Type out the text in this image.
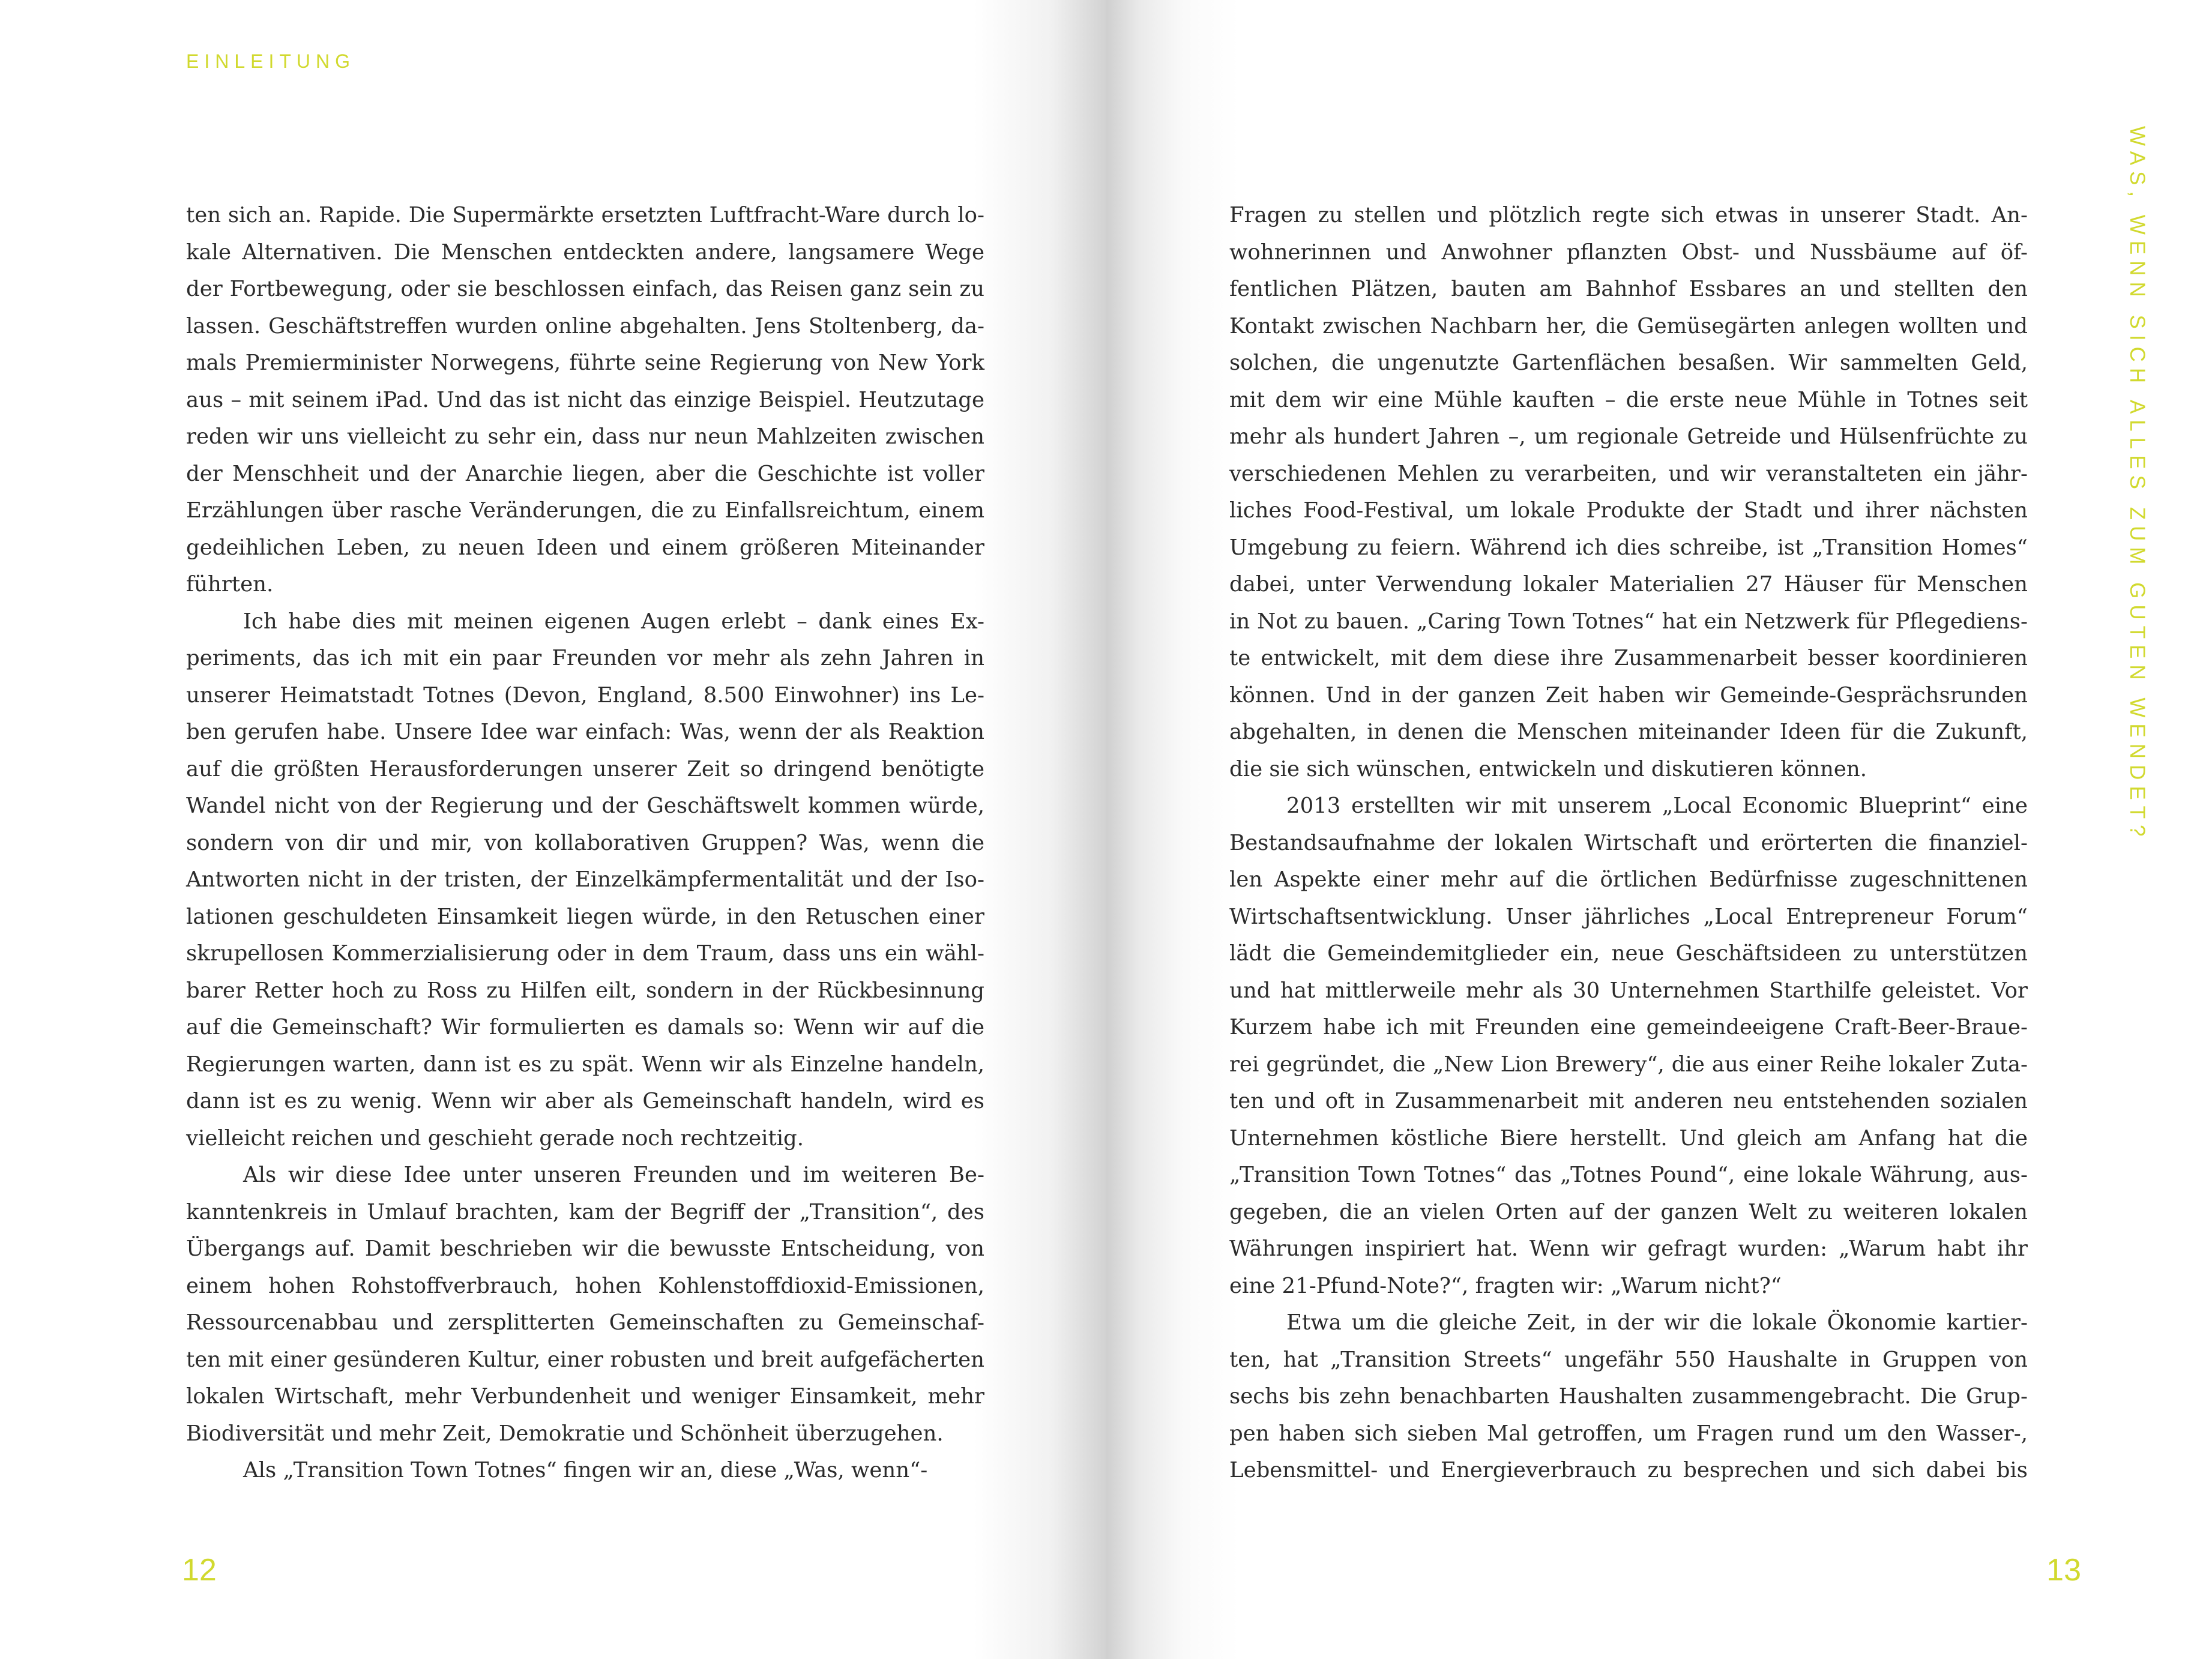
EINLEITUNG
ten sich an. Rapide. Die Supermärkte ersetzten Luftfracht-Ware durch lo-
kale Alternativen. Die Menschen entdeckten andere, langsamere Wege
der Fortbewegung, oder sie beschlossen einfach, das Reisen ganz sein zu
lassen. Geschäftstreffen wurden online abgehalten. Jens Stoltenberg, da-
mals Premierminister Norwegens, führte seine Regierung von New York
aus – mit seinem iPad. Und das ist nicht das einzige Beispiel. Heutzutage
reden wir uns vielleicht zu sehr ein, dass nur neun Mahlzeiten zwischen
der Menschheit und der Anarchie liegen, aber die Geschichte ist voller
Erzählungen über rasche Veränderungen, die zu Einfallsreichtum, einem
gedeihlichen Leben, zu neuen Ideen und einem größeren Miteinander
führten.
Ich habe dies mit meinen eigenen Augen erlebt – dank eines Ex-
periments, das ich mit ein paar Freunden vor mehr als zehn Jahren in
unserer Heimatstadt Totnes (Devon, England, 8.500 Einwohner) ins Le-
ben gerufen habe. Unsere Idee war einfach: Was, wenn der als Reaktion
auf die größten Herausforderungen unserer Zeit so dringend benötigte
Wandel nicht von der Regierung und der Geschäftswelt kommen würde,
sondern von dir und mir, von kollaborativen Gruppen? Was, wenn die
Antworten nicht in der tristen, der Einzelkämpfermentalität und der Iso-
lationen geschuldeten Einsamkeit liegen würde, in den Retuschen einer
skrupellosen Kommerzialisierung oder in dem Traum, dass uns ein wähl-
barer Retter hoch zu Ross zu Hilfen eilt, sondern in der Rückbesinnung
auf die Gemeinschaft? Wir formulierten es damals so: Wenn wir auf die
Regierungen warten, dann ist es zu spät. Wenn wir als Einzelne handeln,
dann ist es zu wenig. Wenn wir aber als Gemeinschaft handeln, wird es
vielleicht reichen und geschieht gerade noch rechtzeitig.
Als wir diese Idee unter unseren Freunden und im weiteren Be-
kanntenkreis in Umlauf brachten, kam der Begriff der „Transition“, des
Übergangs auf. Damit beschrieben wir die bewusste Entscheidung, von
einem hohen Rohstoffverbrauch, hohen Kohlenstoffdioxid-Emissionen,
Ressourcenabbau und zersplitterten Gemeinschaften zu Gemeinschaf-
ten mit einer gesünderen Kultur, einer robusten und breit aufgefächerten
lokalen Wirtschaft, mehr Verbundenheit und weniger Einsamkeit, mehr
Biodiversität und mehr Zeit, Demokratie und Schönheit überzugehen.
Als „Transition Town Totnes“ fingen wir an, diese „Was, wenn“-
12
Fragen zu stellen und plötzlich regte sich etwas in unserer Stadt. An-
wohnerinnen und Anwohner pflanzten Obst- und Nussbäume auf öf-
fentlichen Plätzen, bauten am Bahnhof Essbares an und stellten den
Kontakt zwischen Nachbarn her, die Gemüsegärten anlegen wollten und
solchen, die ungenutzte Gartenflächen besaßen. Wir sammelten Geld,
mit dem wir eine Mühle kauften – die erste neue Mühle in Totnes seit
mehr als hundert Jahren –, um regionale Getreide und Hülsenfrüchte zu
verschiedenen Mehlen zu verarbeiten, und wir veranstalteten ein jähr-
liches Food-Festival, um lokale Produkte der Stadt und ihrer nächsten
Umgebung zu feiern. Während ich dies schreibe, ist „Transition Homes“
dabei, unter Verwendung lokaler Materialien 27 Häuser für Menschen
in Not zu bauen. „Caring Town Totnes“ hat ein Netzwerk für Pflegediens-
te entwickelt, mit dem diese ihre Zusammenarbeit besser koordinieren
können. Und in der ganzen Zeit haben wir Gemeinde-Gesprächsrunden
abgehalten, in denen die Menschen miteinander Ideen für die Zukunft,
die sie sich wünschen, entwickeln und diskutieren können.
2013 erstellten wir mit unserem „Local Economic Blueprint“ eine
Bestandsaufnahme der lokalen Wirtschaft und erörterten die finanziel-
len Aspekte einer mehr auf die örtlichen Bedürfnisse zugeschnittenen
Wirtschaftsentwicklung. Unser jährliches „Local Entrepreneur Forum“
lädt die Gemeindemitglieder ein, neue Geschäftsideen zu unterstützen
und hat mittlerweile mehr als 30 Unternehmen Starthilfe geleistet. Vor
Kurzem habe ich mit Freunden eine gemeindeeigene Craft-Beer-Braue-
rei gegründet, die „New Lion Brewery“, die aus einer Reihe lokaler Zuta-
ten und oft in Zusammenarbeit mit anderen neu entstehenden sozialen
Unternehmen köstliche Biere herstellt. Und gleich am Anfang hat die
„Transition Town Totnes“ das „Totnes Pound“, eine lokale Währung, aus-
gegeben, die an vielen Orten auf der ganzen Welt zu weiteren lokalen
Währungen inspiriert hat. Wenn wir gefragt wurden: „Warum habt ihr
eine 21-Pfund-Note?“, fragten wir: „Warum nicht?“
Etwa um die gleiche Zeit, in der wir die lokale Ökonomie kartier-
ten, hat „Transition Streets“ ungefähr 550 Haushalte in Gruppen von
sechs bis zehn benachbarten Haushalten zusammengebracht. Die Grup-
pen haben sich sieben Mal getroffen, um Fragen rund um den Wasser-,
Lebensmittel- und Energieverbrauch zu besprechen und sich dabei bis
WAS, WENN SICH ALLES ZUM GUTEN WENDET?
13
